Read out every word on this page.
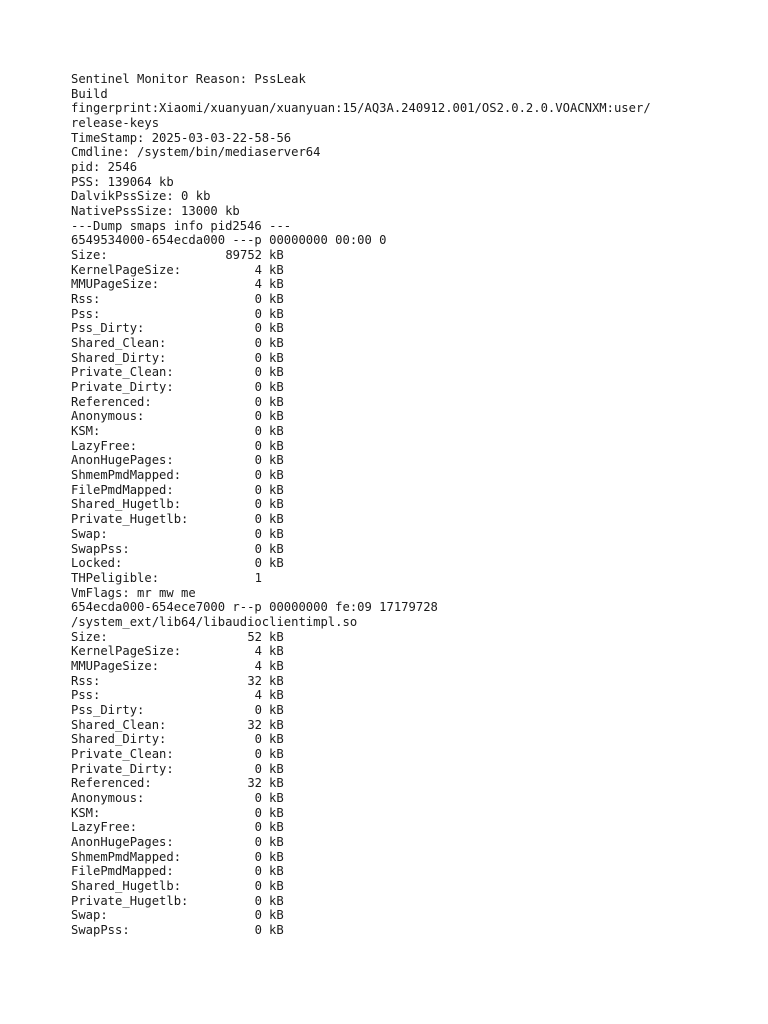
Sentinel Monitor Reason: PssLeak
Build
fingerprint:Xiaomi/xuanyuan/xuanyuan:15/AQ3A.240912.001/OS2.0.2.0.VOACNXM:user/
release-keys
TimeStamp: 2025-03-03-22-58-56
Cmdline: /system/bin/mediaserver64
pid: 2546
PSS: 139064 kb
DalvikPssSize: 0 kb
NativePssSize: 13000 kb
---Dump smaps info pid2546 ---
6549534000-654ecda000 ---p 00000000 00:00 0
Size:	89752 kB
KernelPageSize:	4 kB
MMUPageSize:	4 kB
Rss:	0 kB
Pss:	0 kB
Pss_Dirty:	0 kB
Shared_Clean:	0 kB
Shared_Dirty:	0 kB
Private_Clean:	0 kB
Private_Dirty:	0 kB
Referenced:	0 kB
Anonymous:	0 kB
KSM:	0 kB
LazyFree:	0 kB
AnonHugePages:	0 kB
ShmemPmdMapped:	0 kB
FilePmdMapped:	0 kB
Shared_Hugetlb:	0 kB
Private_Hugetlb:	0 kB
Swap:	0 kB
SwapPss:	0 kB
Locked:	0 kB
THPeligible:	1
VmFlags: mr mw me
654ecda000-654ece7000 r--p 00000000 fe:09 17179728
/system_ext/lib64/libaudioclientimpl.so
Size:	52 kB
KernelPageSize:	4 kB
MMUPageSize:	4 kB
Rss:	32 kB
Pss:	4 kB
Pss_Dirty:	0 kB
Shared_Clean:	32 kB
Shared_Dirty:	0 kB
Private_Clean:	0 kB
Private_Dirty:	0 kB
Referenced:	32 kB
Anonymous:	0 kB
KSM:	0 kB
LazyFree:	0 kB
AnonHugePages:	0 kB
ShmemPmdMapped:	0 kB
FilePmdMapped:	0 kB
Shared_Hugetlb:	0 kB
Private_Hugetlb:	0 kB
Swap:	0 kB
SwapPss:	0 kB
